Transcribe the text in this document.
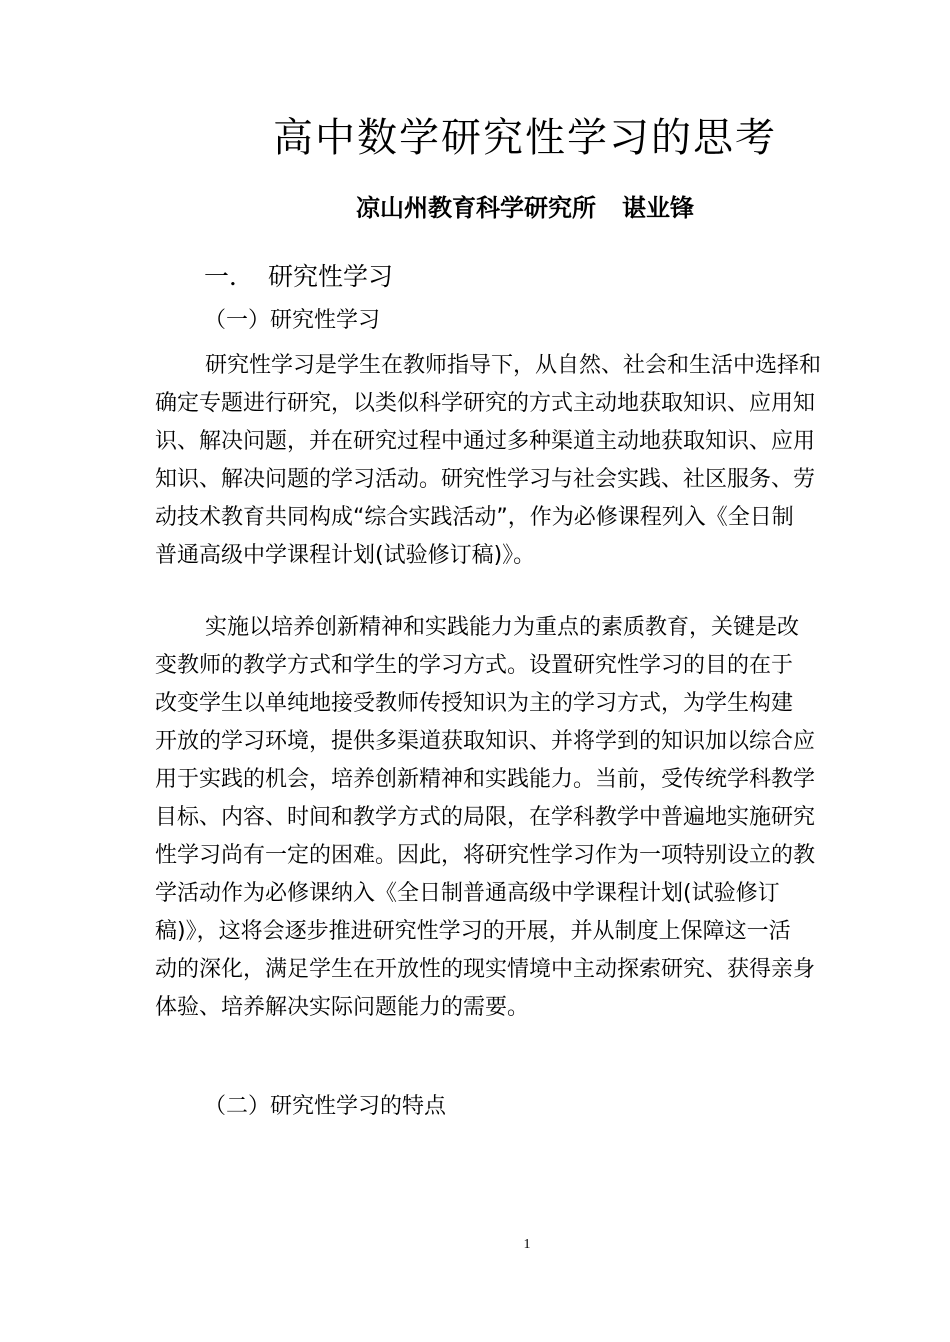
高中数学研究性学习的思考
凉山州教育科学研究所 谌业锋
一． 研究性学习
（一）研究性学习
研究性学习是学生在教师指导下，从自然、社会和生活中选择和
确定专题进行研究，以类似科学研究的方式主动地获取知识、应用知
识、解决问题，并在研究过程中通过多种渠道主动地获取知识、应用
知识、解决问题的学习活动。研究性学习与社会实践、社区服务、劳
动技术教育共同构成“综合实践活动”，作为必修课程列入《全日制
普通高级中学课程计划(试验修订稿)》。
实施以培养创新精神和实践能力为重点的素质教育，关键是改
变教师的教学方式和学生的学习方式。设置研究性学习的目的在于
改变学生以单纯地接受教师传授知识为主的学习方式，为学生构建
开放的学习环境，提供多渠道获取知识、并将学到的知识加以综合应
用于实践的机会，培养创新精神和实践能力。当前，受传统学科教学
目标、内容、时间和教学方式的局限，在学科教学中普遍地实施研究
性学习尚有一定的困难。因此，将研究性学习作为一项特别设立的教
学活动作为必修课纳入《全日制普通高级中学课程计划(试验修订
稿)》，这将会逐步推进研究性学习的开展，并从制度上保障这一活
动的深化，满足学生在开放性的现实情境中主动探索研究、获得亲身
体验、培养解决实际问题能力的需要。
（二）研究性学习的特点
1
